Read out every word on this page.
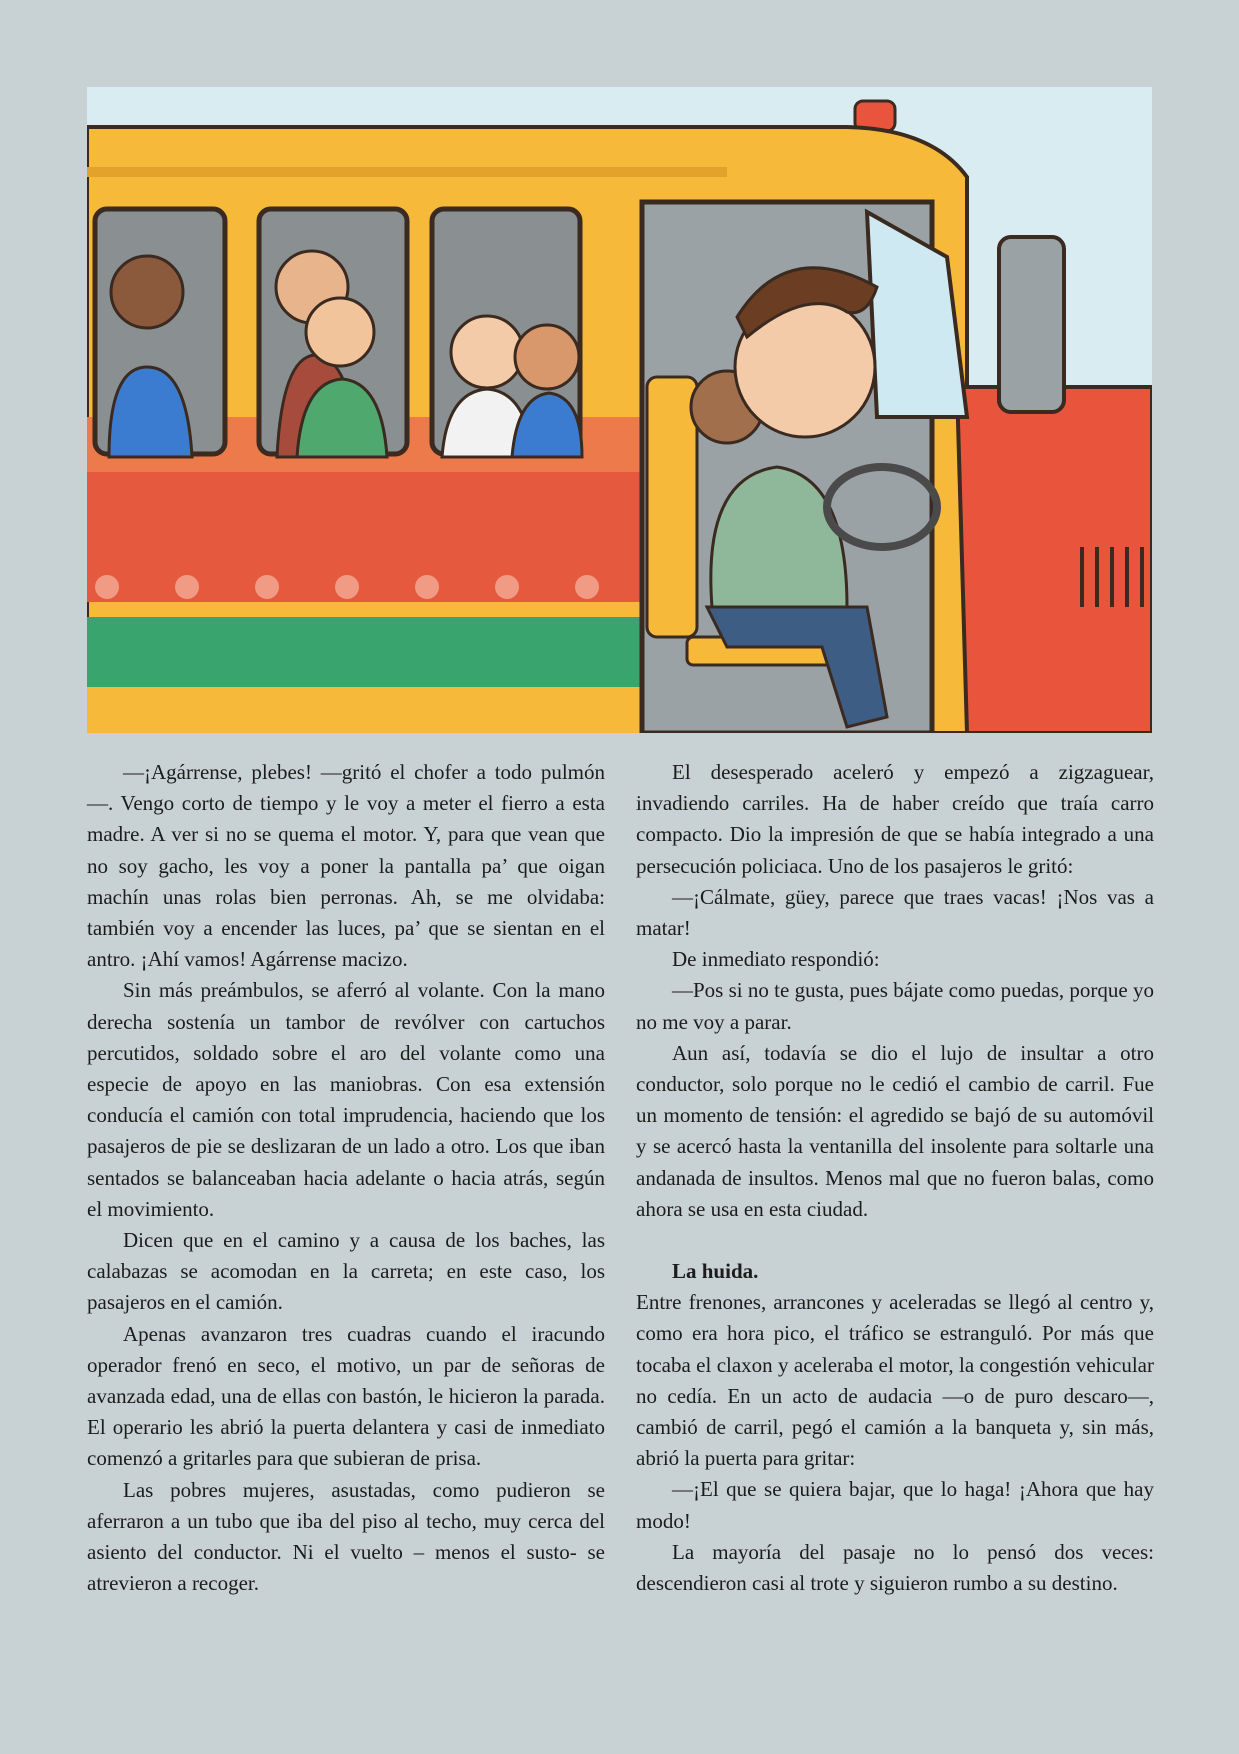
—¡Agárrense, plebes! —gritó el chofer a todo pulmón—. Vengo corto de tiempo y le voy a meter el fierro a esta madre. A ver si no se quema el motor. Y, para que vean que no soy gacho, les voy a poner la pantalla pa’ que oigan machín unas rolas bien perronas. Ah, se me olvidaba: también voy a encender las luces, pa’ que se sientan en el antro. ¡Ahí vamos! Agárrense macizo.

Sin más preámbulos, se aferró al volante. Con la mano derecha sostenía un tambor de revólver con cartuchos percutidos, soldado sobre el aro del volante como una especie de apoyo en las maniobras. Con esa extensión conducía el camión con total imprudencia, haciendo que los pasajeros de pie se deslizaran de un lado a otro. Los que iban sentados se balanceaban hacia adelante o hacia atrás, según el movimiento.

Dicen que en el camino y a causa de los baches, las calabazas se acomodan en la carreta; en este caso, los pasajeros en el camión.

Apenas avanzaron tres cuadras cuando el iracundo operador frenó en seco, el motivo, un par de señoras de avanzada edad, una de ellas con bastón, le hicieron la parada. El operario les abrió la puerta delantera y casi de inmediato comenzó a gritarles para que subieran de prisa.

Las pobres mujeres, asustadas, como pudieron se aferraron a un tubo que iba del piso al techo, muy cerca del asiento del conductor. Ni el vuelto – menos el susto- se atrevieron a recoger.

El desesperado aceleró y empezó a zigzaguear, invadiendo carriles. Ha de haber creído que traía carro compacto. Dio la impresión de que se había integrado a una persecución policiaca. Uno de los pasajeros le gritó:

—¡Cálmate, güey, parece que traes vacas! ¡Nos vas a matar!

De inmediato respondió:

—Pos si no te gusta, pues bájate como puedas, porque yo no me voy a parar.

Aun así, todavía se dio el lujo de insultar a otro conductor, solo porque no le cedió el cambio de carril. Fue un momento de tensión: el agredido se bajó de su automóvil y se acercó hasta la ventanilla del insolente para soltarle una andanada de insultos. Menos mal que no fueron balas, como ahora se usa en esta ciudad.

La huida.

Entre frenones, arrancones y aceleradas se llegó al centro y, como era hora pico, el tráfico se estranguló. Por más que tocaba el claxon y aceleraba el motor, la congestión vehicular no cedía. En un acto de audacia —o de puro descaro—, cambió de carril, pegó el camión a la banqueta y, sin más, abrió la puerta para gritar:

—¡El que se quiera bajar, que lo haga! ¡Ahora que hay modo!

La mayoría del pasaje no lo pensó dos veces: descendieron casi al trote y siguieron rumbo a su destino.
